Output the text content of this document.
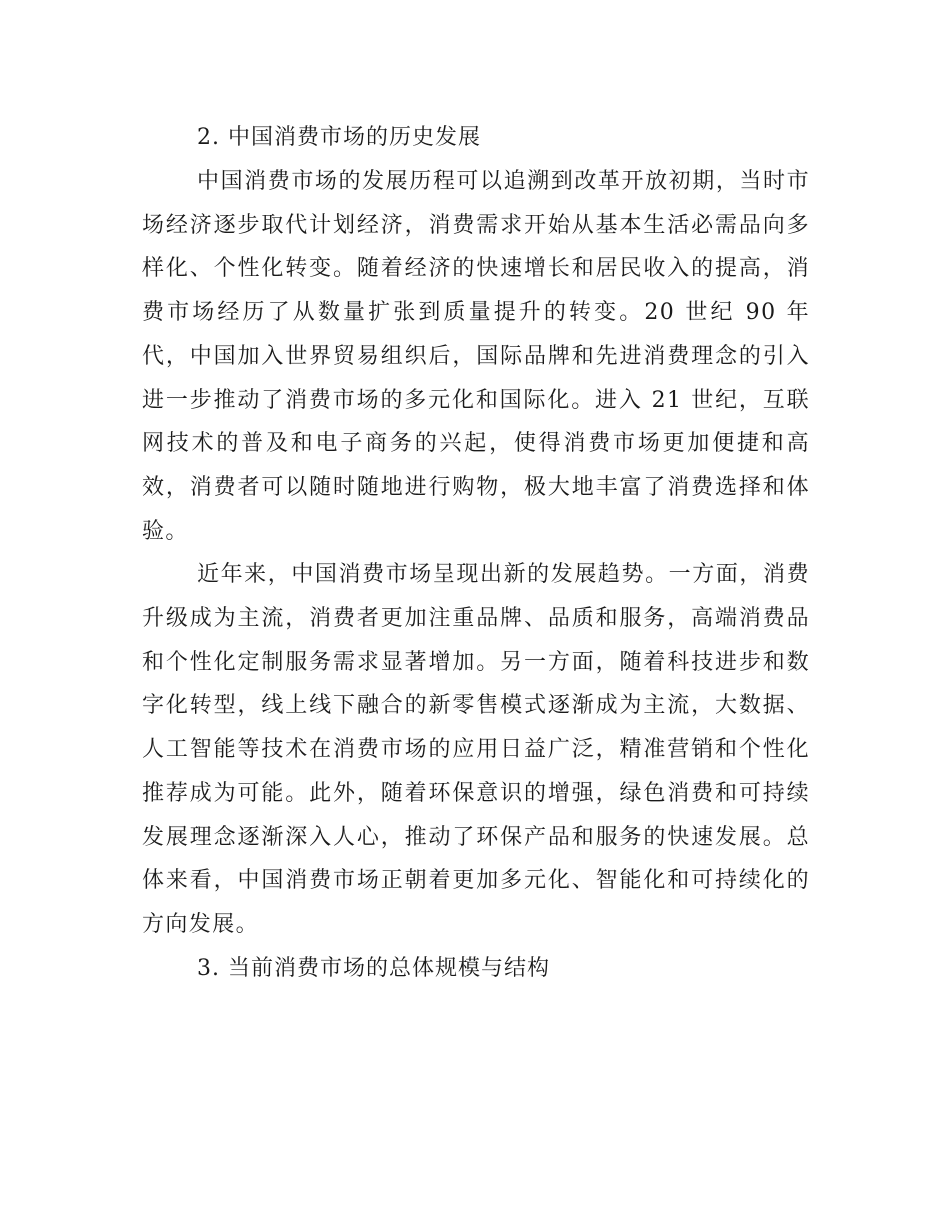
2. 中国消费市场的历史发展

中国消费市场的发展历程可以追溯到改革开放初期，当时市场经济逐步取代计划经济，消费需求开始从基本生活必需品向多样化、个性化转变。随着经济的快速增长和居民收入的提高，消费市场经历了从数量扩张到质量提升的转变。20 世纪 90 年代，中国加入世界贸易组织后，国际品牌和先进消费理念的引入进一步推动了消费市场的多元化和国际化。进入 21 世纪，互联网技术的普及和电子商务的兴起，使得消费市场更加便捷和高效，消费者可以随时随地进行购物，极大地丰富了消费选择和体验。

近年来，中国消费市场呈现出新的发展趋势。一方面，消费升级成为主流，消费者更加注重品牌、品质和服务，高端消费品和个性化定制服务需求显著增加。另一方面，随着科技进步和数字化转型，线上线下融合的新零售模式逐渐成为主流，大数据、人工智能等技术在消费市场的应用日益广泛，精准营销和个性化推荐成为可能。此外，随着环保意识的增强，绿色消费和可持续发展理念逐渐深入人心，推动了环保产品和服务的快速发展。总体来看，中国消费市场正朝着更加多元化、智能化和可持续化的方向发展。

3. 当前消费市场的总体规模与结构
